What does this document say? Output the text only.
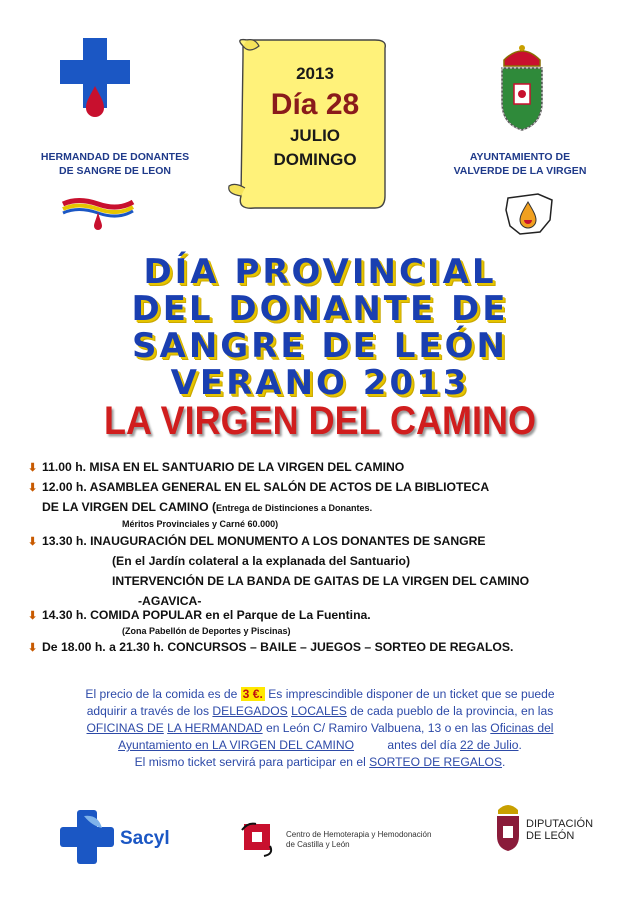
HERMANDAD DE DONANTES
DE SANGRE DE LEON
2013
Día 28
JULIO
DOMINGO	AYUNTAMIENTO DE
VALVERDE DE LA VIRGEN
DÍA PROVINCIAL
DEL DONANTE DE
SANGRE DE LEÓN
VERANO 2013
LA VIRGEN DEL CAMINO
⬇ 11.00 h. MISA EN EL SANTUARIO DE LA VIRGEN DEL CAMINO
⬇ 12.00 h. ASAMBLEA GENERAL EN EL SALÓN DE ACTOS DE LA BIBLIOTECA
DE LA VIRGEN DEL CAMINO (Entrega de Distinciones a Donantes.
Méritos Provinciales y Carné 60.000)
⬇ 13.30 h. INAUGURACIÓN DEL MONUMENTO A LOS DONANTES DE SANGRE
(En el Jardín colateral a la explanada del Santuario)
INTERVENCIÓN DE LA BANDA DE GAITAS DE LA VIRGEN DEL CAMINO
-AGAVICA-
⬇ 14.30 h. COMIDA POPULAR en el Parque de La Fuentina.
(Zona Pabellón de Deportes y Piscinas)
⬇ De 18.00 h. a 21.30 h. CONCURSOS – BAILE – JUEGOS – SORTEO DE REGALOS.
El precio de la comida es de 3 €. Es imprescindible disponer de un ticket que se puede
adquirir a través de los DELEGADOS LOCALES de cada pueblo de la provincia, en las
OFICINAS DE LA HERMANDAD en León C/ Ramiro Valbuena, 13 o en las Oficinas del
Ayuntamiento en LA VIRGEN DEL CAMINO antes del día 22 de Julio.
El mismo ticket servirá para participar en el SORTEO DE REGALOS.
Sacyl	Centro de Hemoterapia y Hemodonación
de Castilla y León
DIPUTACIÓN
DE LEÓN
